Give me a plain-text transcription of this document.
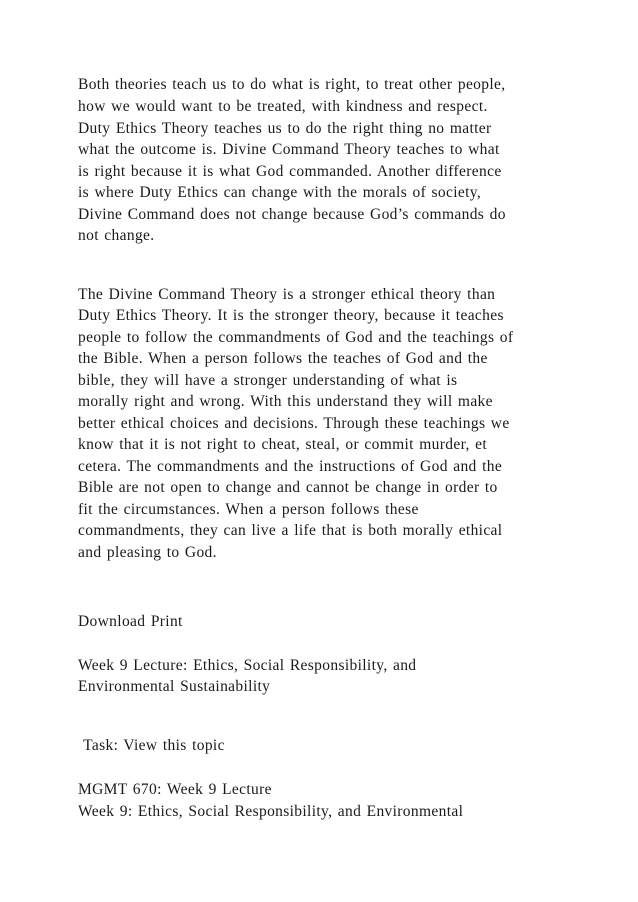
Both theories teach us to do what is right, to treat other people,

how we would want to be treated, with kindness and respect.

Duty Ethics Theory teaches us to do the right thing no matter

what the outcome is. Divine Command Theory teaches to what

is right because it is what God commanded. Another difference

is where Duty Ethics can change with the morals of society,

Divine Command does not change because God’s commands do

not change.

The Divine Command Theory is a stronger ethical theory than

Duty Ethics Theory. It is the stronger theory, because it teaches

people to follow the commandments of God and the teachings of

the Bible. When a person follows the teaches of God and the

bible, they will have a stronger understanding of what is

morally right and wrong. With this understand they will make

better ethical choices and decisions. Through these teachings we

know that it is not right to cheat, steal, or commit murder, et

cetera. The commandments and the instructions of God and the

Bible are not open to change and cannot be change in order to

fit the circumstances. When a person follows these

commandments, they can live a life that is both morally ethical

and pleasing to God.

Download Print

Week 9 Lecture: Ethics, Social Responsibility, and

Environmental Sustainability

Task: View this topic

MGMT 670: Week 9 Lecture

Week 9: Ethics, Social Responsibility, and Environmental
